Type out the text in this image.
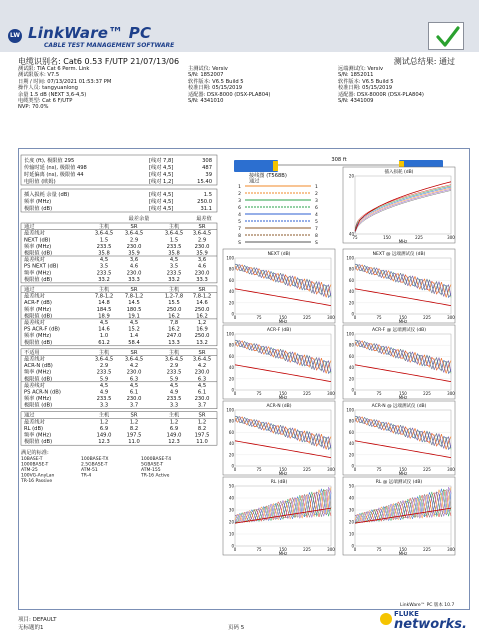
LW LinkWare™ PC
CABLE TEST MANAGEMENT SOFTWARE
电缆识别名: Cat6 0.53 F/UTP 21/07/13/06	测试总结果: 通过
测试限: TIA Cat 6 Perm. Link	主测试仪: Versiv	远端测试仪: Versiv
测试限版本: V7.5	S/N: 1852007	S/N: 1852011
日期 / 时间: 07/13/2021 01:53:37 PM	软件版本: V6.5 Build 5	软件版本: V6.5 Build 5
操作人员: tangyuanlong	校准日期: 05/15/2019	校准日期: 05/15/2019
余量 1.5 dB (NEXT 3,6-4,5)	适配器: DSX-8000 (DSX-PLA804)	适配器: DSX-8000R (DSX-PLA804)
电缆类型: Cat 6 F/UTP	S/N: 4341010	S/N: 4341009
NVP: 70.0%
长度 (ft), 极限值 295	[线对 7,8]	308
传输时延 (ns), 极限值 498	[线对 4,5]	487
时延偏离 (ns), 极限值 44	[线对 4,5]	39
电阻值 (欧姆)	[线对 1,2]	15.40
插入损耗 余量 (dB)	[线对 4,5]	1.5
频率 (MHz)	[线对 4,5]	250.0
极限值 (dB)	[线对 4,5]	31.1
最差余量	最差值
通过	主机	SR	主机	SR
最差线对	3,6-4,5 3,6-4,5	3,6-4,5 3,6-4,5
NEXT (dB)	1.5	2.9	1.5	2.9
频率 (MHz)	233.5	230.0	233.5	230.0
极限值 (dB)	35.8	35.9	35.8	35.9
最差线对	4,5	3,6	4,5	3,6
PS NEXT (dB)	3.5	4.6	3.5	4.6
频率 (MHz)	233.5	230.0	233.5	230.0
极限值 (dB)	33.2	33.3	33.2	33.3
通过	主机	SR	主机	SR
最差线对	7,8-1,2 7,8-1,2	1,2-7,8 7,8-1,2
ACR-F (dB)	14.8	14.5	15.5	14.6
频率 (MHz)	184.5	180.5	250.0	250.0
极限值 (dB)	18.9	19.1	16.2	16.2
最差线对	4,5	4,5	7,8	1,2
PS ACR-F (dB)	14.6	15.2	16.2	16.9
频率 (MHz)	1.0	1.4	247.0	250.0
极限值 (dB)	61.2	58.4	13.3	13.2
不适用	主机	SR	主机	SR
最差线对	3,6-4,5 3,6-4,5	3,6-4,5 3,6-4,5
ACR-N (dB)	2.9	4.2	2.9	4.2
频率 (MHz)	233.5	230.0	233.5	230.0
极限值 (dB)	5.9	6.3	5.9	6.3
最差线对	4,5	4,5	4,5	4,5
PS ACR-N (dB)	4.9	6.1	4.9	6.1
频率 (MHz)	233.5	230.0	233.5	230.0
极限值 (dB)	3.3	3.7	3.3	3.7
通过	主机	SR	主机	SR
最差线对	1,2	1,2	1,2	1,2
RL (dB)	6.9	8.2	6.9	8.2
频率 (MHz)	149.0	197.5	149.0	197.5
极限值 (dB)	12.3	11.0	12.3	11.0
满足的标准:
10BASE-T	100BASE-TX	1000BASE-T4
1000BASE-T	2.5GBASE-T	5GBASE-T
ATM-25	ATM-51	ATM-155
100VG-AnyLan	TR-4	TR-16 Active
TR-16 Passive
308 ft
接线图 (T568B)
通过
1	1
2	2
3	3
6	6
4	4
5	5
7	7
8	8
S	S
插入损耗 (dB)
20
40
75	150	225	300
MHz
NEXT (dB)
100
80
60
40
20
0
0	75	150	225	300
MHz
NEXT @ 远端测试仪 (dB)
100
80
60
40
20
0
0	75	150	225	300
MHz
ACR-F (dB)
100
80
60
40
20
0
0	75	150	225	300
MHz
ACR-F @ 远端测试仪 (dB)
100
80
60
40
20
0
0	75	150	225	300
MHz
ACR-N (dB)
100
80
60
40
20
0
0	75	150	225	300
MHz
ACR-N @ 远端测试仪 (dB)
100
80
60
40
20
0
0	75	150	225	300
MHz
RL (dB)
50
40
30
20
10
0
0	75	150	225	300
MHz
RL @ 远端测试仪 (dB)
50
40
30
20
10
0
0	75	150	225	300
MHz
LinkWare™ PC 版本 10.7
项目: DEFAULT
无标题的1	页码 5
FLUKE
networks.
